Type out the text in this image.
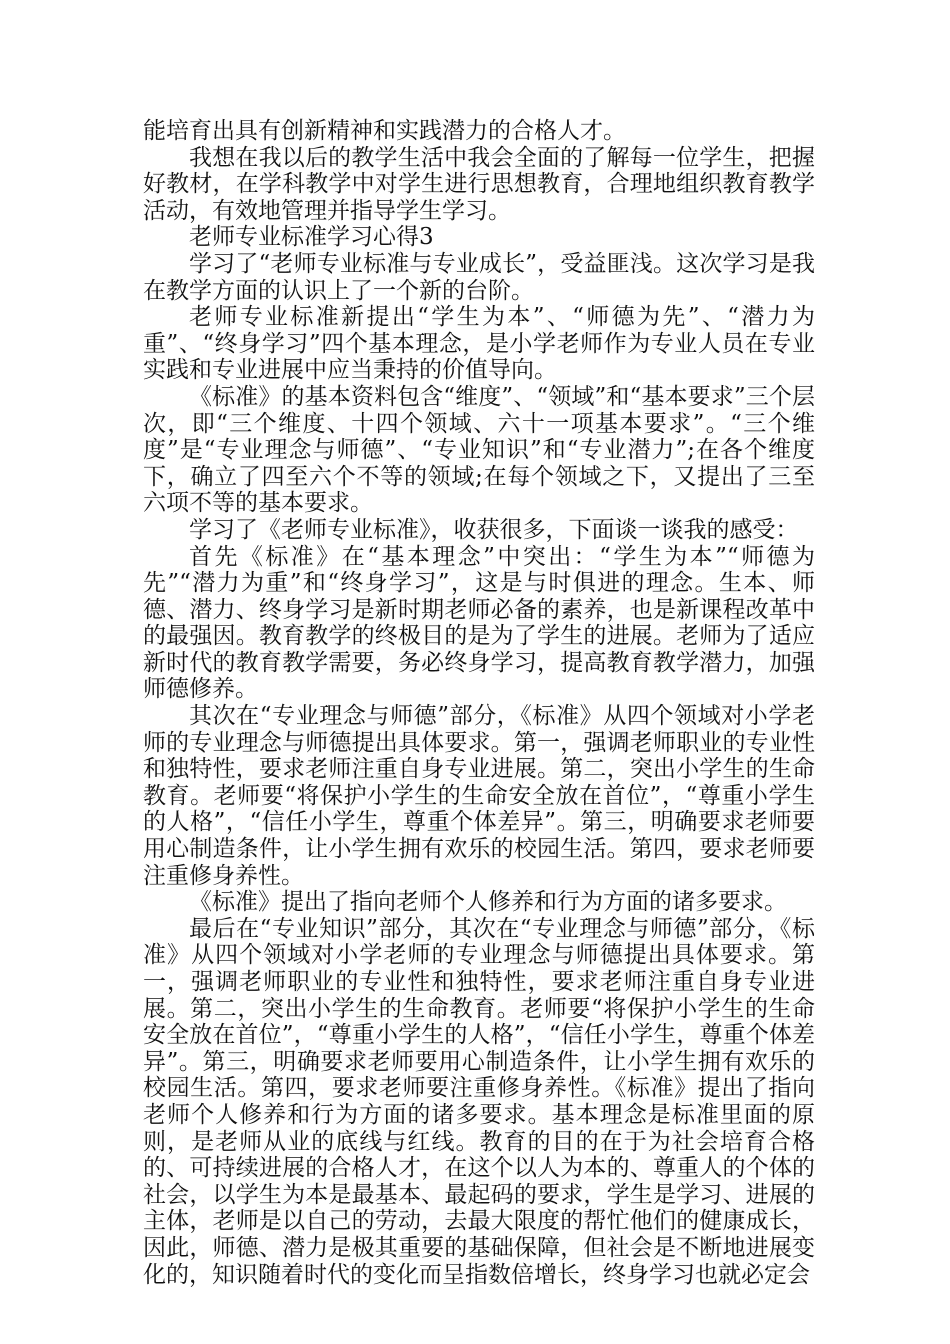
能培育出具有创新精神和实践潜力的合格人才。

我想在我以后的教学生活中我会全面的了解每一位学生，把握好教材，在学科教学中对学生进行思想教育，合理地组织教育教学活动，有效地管理并指导学生学习。

老师专业标准学习心得3

学习了“老师专业标准与专业成长”，受益匪浅。这次学习是我在教学方面的认识上了一个新的台阶。

老师专业标准新提出“学生为本”、“师德为先”、“潜力为重”、“终身学习”四个基本理念，是小学老师作为专业人员在专业实践和专业进展中应当秉持的价值导向。

《标准》的基本资料包含“维度”、“领域”和“基本要求”三个层次，即“三个维度、十四个领域、六十一项基本要求”。“三个维度”是“专业理念与师德”、“专业知识”和“专业潜力”;在各个维度下，确立了四至六个不等的领域;在每个领域之下，又提出了三至六项不等的基本要求。

学习了《老师专业标准》，收获很多，下面谈一谈我的感受：

首先《标准》在“基本理念”中突出：“学生为本”“师德为先”“潜力为重”和“终身学习”，这是与时俱进的理念。生本、师德、潜力、终身学习是新时期老师必备的素养，也是新课程改革中的最强因。教育教学的终极目的是为了学生的进展。老师为了适应新时代的教育教学需要，务必终身学习，提高教育教学潜力，加强师德修养。

其次在“专业理念与师德”部分，《标准》从四个领域对小学老师的专业理念与师德提出具体要求。第一，强调老师职业的专业性和独特性，要求老师注重自身专业进展。第二，突出小学生的生命教育。老师要“将保护小学生的生命安全放在首位”，“尊重小学生的人格”，“信任小学生，尊重个体差异”。第三，明确要求老师要用心制造条件，让小学生拥有欢乐的校园生活。第四，要求老师要注重修身养性。

《标准》提出了指向老师个人修养和行为方面的诸多要求。

最后在“专业知识”部分，其次在“专业理念与师德”部分，《标准》从四个领域对小学老师的专业理念与师德提出具体要求。第一，强调老师职业的专业性和独特性，要求老师注重自身专业进展。第二，突出小学生的生命教育。老师要“将保护小学生的生命安全放在首位”，“尊重小学生的人格”，“信任小学生，尊重个体差异”。第三，明确要求老师要用心制造条件，让小学生拥有欢乐的校园生活。第四，要求老师要注重修身养性。《标准》提出了指向老师个人修养和行为方面的诸多要求。基本理念是标准里面的原则，是老师从业的底线与红线。教育的目的在于为社会培育合格的、可持续进展的合格人才，在这个以人为本的、尊重人的个体的社会，以学生为本是最基本、最起码的要求，学生是学习、进展的主体，老师是以自己的劳动，去最大限度的帮忙他们的健康成长，因此，师德、潜力是极其重要的基础保障，但社会是不断地进展变化的，知识随着时代的变化而呈指数倍增长，终身学习也就必定会
